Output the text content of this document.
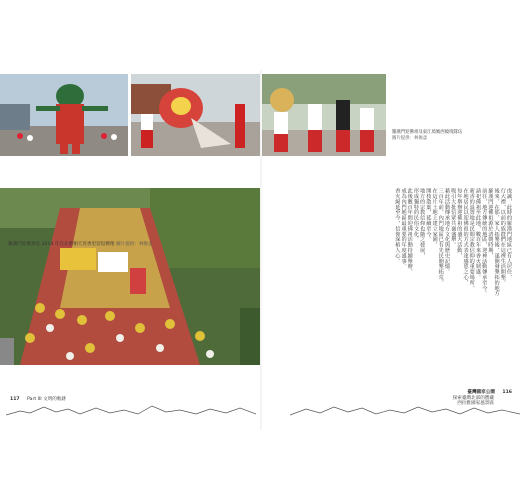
羅漢門迎佛祖於 2014 年自北港朝天宮香里迎返佛像 圖片提供：林俊彥
羅漢門迎佛祖及東江境媽西繞境隊伍
圖片提供：林俊彥

虔誠，此時的羅漢門地區已有人居住，

行大禮，以前的族群們在這裡生活開墾，

後來，在那，家人拓墾後，遂開發墾拓的地方

羅漢門迎佛祖源於清朝時期，

前往，地方傳統的地區，迎神活動傳承至今。

請祀佛祖至此地，數百年來香火鼎盛。

新香的設置地是民間宗教信仰的重要場所，

在地居民以迎佛祖的方式表達感恩之心，

每年舉辦迎佛祖的盛大活動，

吸引大批信眾共襄盛舉。

藉此活動傳承地方文化與歷史記憶。

三百年前，內門地區已有先民開墾拓荒，

在這片土地上建立家園，

開枝散葉，延續至今。

地方的宗教信仰也隨之發展，

形成獨特的民俗文化。

此後數百年間迎佛祖活動持續舉辦，

成為內門地區最重要的年度盛事。

香火綿延至今，信仰深植人心。

117 Part III 文明的軌跡
臺灣國家公園 116
探索臺灣北部的寶藏
西拉雅國家風景區
